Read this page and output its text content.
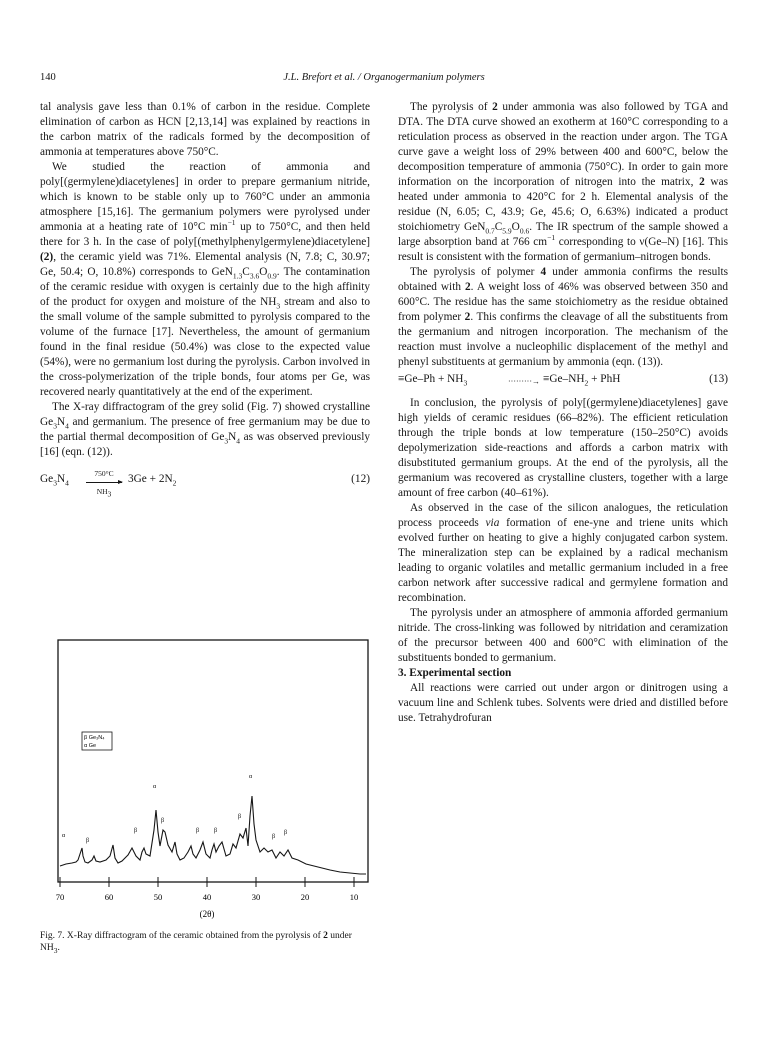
140	J.L. Brefort et al. / Organogermanium polymers

tal analysis gave less than 0.1% of carbon in the residue. Complete elimination of carbon as HCN [2,13,14] was explained by reactions in the carbon matrix of the radicals formed by the decomposition of ammonia at temperatures above 750°C.

We studied the reaction of ammonia and poly[(germylene)diacetylenes] in order to prepare germanium nitride, which is known to be stable only up to 760°C under an ammonia atmosphere [15,16]. The germanium polymers were pyrolysed under ammonia at a heating rate of 10°C $\min^{-1}$ up to 750°C, and then held there for 3 h. In the case of poly[(methylphenylgermylene)diacetylene] (2), the ceramic yield was 71%. Elemental analysis (N, 7.8; C, 30.97; Ge, 50.4; O, 10.8%) corresponds to $GeN_{1.3}C_{3.6}O_{0.9}$. The contamination of the ceramic residue with oxygen is certainly due to the high affinity of the product for oxygen and moisture of the $NH_3$ stream and also to the small volume of the sample submitted to pyrolysis compared to the volume of the furnace [17]. Nevertheless, the amount of germanium found in the final residue (50.4%) was close to the expected value (54%), were no germanium lost during the pyrolysis. Carbon involved in the cross-polymerization of the triple bonds, four atoms per Ge, was recovered nearly quantitatively at the end of the experiment.

The X-ray diffractogram of the grey solid (Fig. 7) showed crystalline $Ge_3N_4$ and germanium. The presence of free germanium may be due to the partial thermal decomposition of $Ge_3N_4$ as was observed previously [16] (eqn. (12)).

$Ge_3N_4$
750°C
$NH_3$
$3Ge + 2N_2$	(12)
β Ge₃N₄
α Ge
α
β
α
β
β
α
β β
β
β
β
70	60	50	40	30	20	10
(2θ)
Fig. 7. X-Ray diffractogram of the ceramic obtained from the pyrolysis of 2 under $NH_3$.

The pyrolysis of 2 under ammonia was also followed by TGA and DTA. The DTA curve showed an exotherm at 160°C corresponding to a reticulation process as observed in the reaction under argon. The TGA curve gave a weight loss of 29% between 400 and 600°C, below the decomposition temperature of ammonia (750°C). In order to gain more information on the incorporation of nitrogen into the matrix, 2 was heated under ammonia to 420°C for 2 h. Elemental analysis of the residue (N, 6.05; C, 43.9; Ge, 45.6; O, 6.63%) indicated a product stoichiometry $GeN_{0.7}C_{5.9}O_{0.6}$. The IR spectrum of the sample showed a large absorption band at 766 $cm^{-1}$ corresponding to ν(Ge–N) [16]. This result is consistent with the formation of germanium–nitrogen bonds.

The pyrolysis of polymer 4 under ammonia confirms the results obtained with 2. A weight loss of 46% was observed between 350 and 600°C. The residue has the same stoichiometry as the residue obtained from polymer 2. This confirms the cleavage of all the substituents from the germanium and nitrogen incorporation. The mechanism of the reaction must involve a nucleophilic displacement of the methyl and phenyl substituents at germanium by ammonia (eqn. (13)).

$\equiv Ge-Ph + NH_3$	·········→ $\equiv Ge-NH_2$ + PhH	(13)

In conclusion, the pyrolysis of poly[(germylene)diacetylenes] gave high yields of ceramic residues (66–82%). The efficient reticulation through the triple bonds at low temperature (150–250°C) avoids depolymerization side-reactions and affords a carbon matrix with disubstituted germanium groups. At the end of the pyrolysis, all the germanium was recovered as crystalline clusters, together with a large amount of free carbon (40–61%).

As observed in the case of the silicon analogues, the reticulation process proceeds via formation of ene-yne and triene units which evolved further on heating to give a highly conjugated carbon system. The mineralization step can be explained by a radical mechanism leading to organic volatiles and metallic germanium included in a free carbon network after successive radical and germylene formation and recombination.

The pyrolysis under an atmosphere of ammonia afforded germanium nitride. The cross-linking was followed by nitridation and ceramization of the precursor between 400 and 600°C with elimination of the substituents bonded to germanium.

3. Experimental section

All reactions were carried out under argon or dinitrogen using a vacuum line and Schlenk tubes. Solvents were dried and distilled before use. Tetrahydrofuran
